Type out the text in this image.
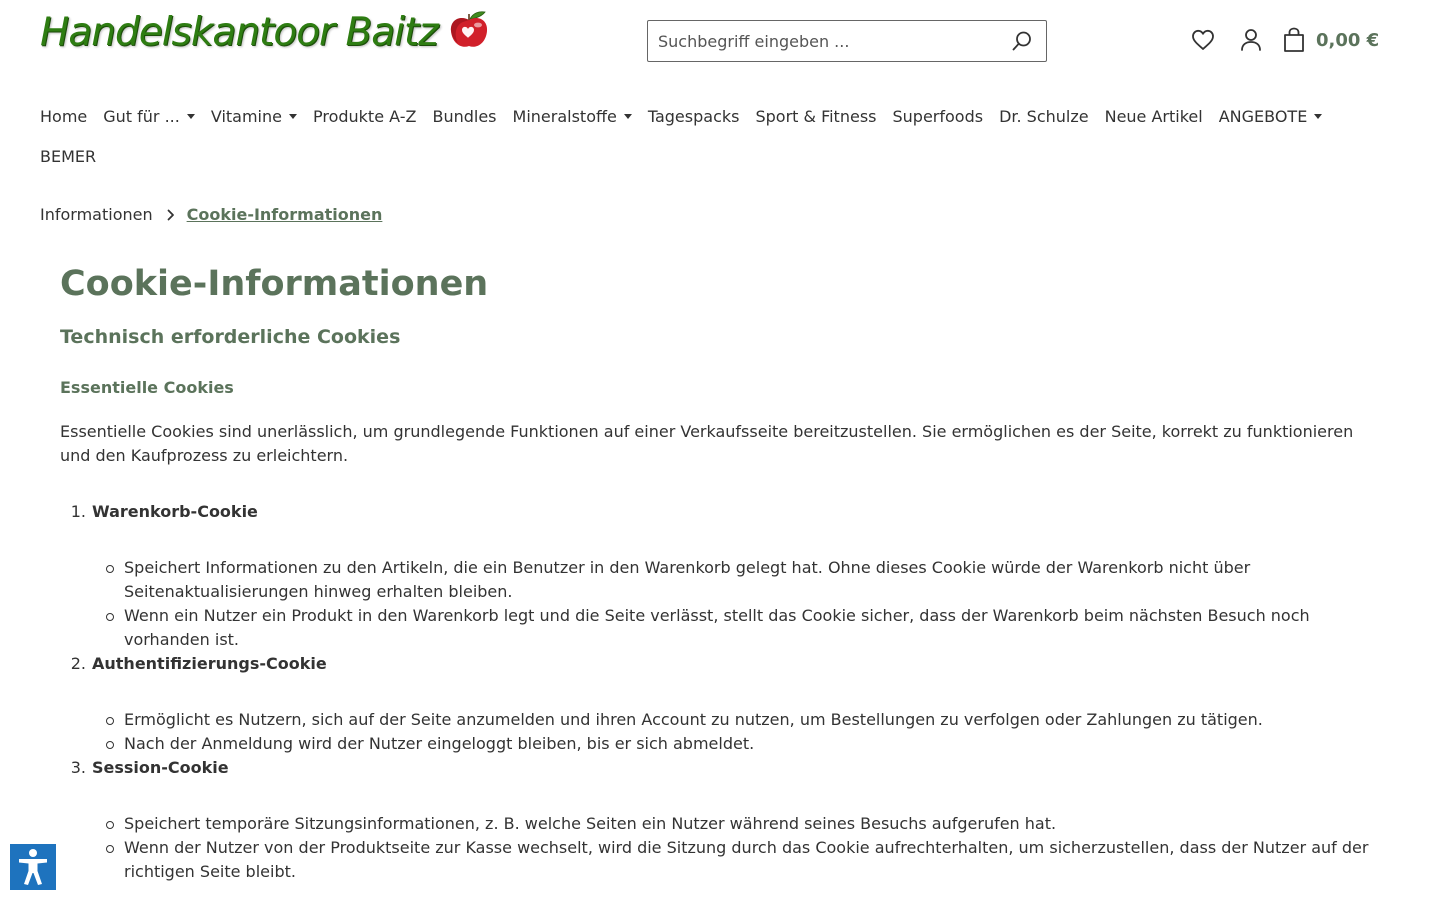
Handelskantoor Baitz
Suchbegriff eingeben ...	0,00 €
Home Gut für ... Vitamine Produkte A-Z Bundles Mineralstoffe Tagespacks Sport & Fitness Superfoods Dr. Schulze Neue Artikel ANGEBOTE
BEMER
Informationen Cookie-Informationen
Cookie-Informationen
Technisch erforderliche Cookies
Essentielle Cookies

Essentielle Cookies sind unerlässlich, um grundlegende Funktionen auf einer Verkaufsseite bereitzustellen. Sie ermöglichen es der Seite, korrekt zu funktionieren und den Kaufprozess zu erleichtern.

1. Warenkorb-Cookie
Speichert Informationen zu den Artikeln, die ein Benutzer in den Warenkorb gelegt hat. Ohne dieses Cookie würde der Warenkorb nicht über Seitenaktualisierungen hinweg erhalten bleiben.
Wenn ein Nutzer ein Produkt in den Warenkorb legt und die Seite verlässt, stellt das Cookie sicher, dass der Warenkorb beim nächsten Besuch noch vorhanden ist.
2. Authentifizierungs-Cookie
Ermöglicht es Nutzern, sich auf der Seite anzumelden und ihren Account zu nutzen, um Bestellungen zu verfolgen oder Zahlungen zu tätigen.
Nach der Anmeldung wird der Nutzer eingeloggt bleiben, bis er sich abmeldet.
3. Session-Cookie
Speichert temporäre Sitzungsinformationen, z. B. welche Seiten ein Nutzer während seines Besuchs aufgerufen hat.
Wenn der Nutzer von der Produktseite zur Kasse wechselt, wird die Sitzung durch das Cookie aufrechterhalten, um sicherzustellen, dass der Nutzer auf der richtigen Seite bleibt.
